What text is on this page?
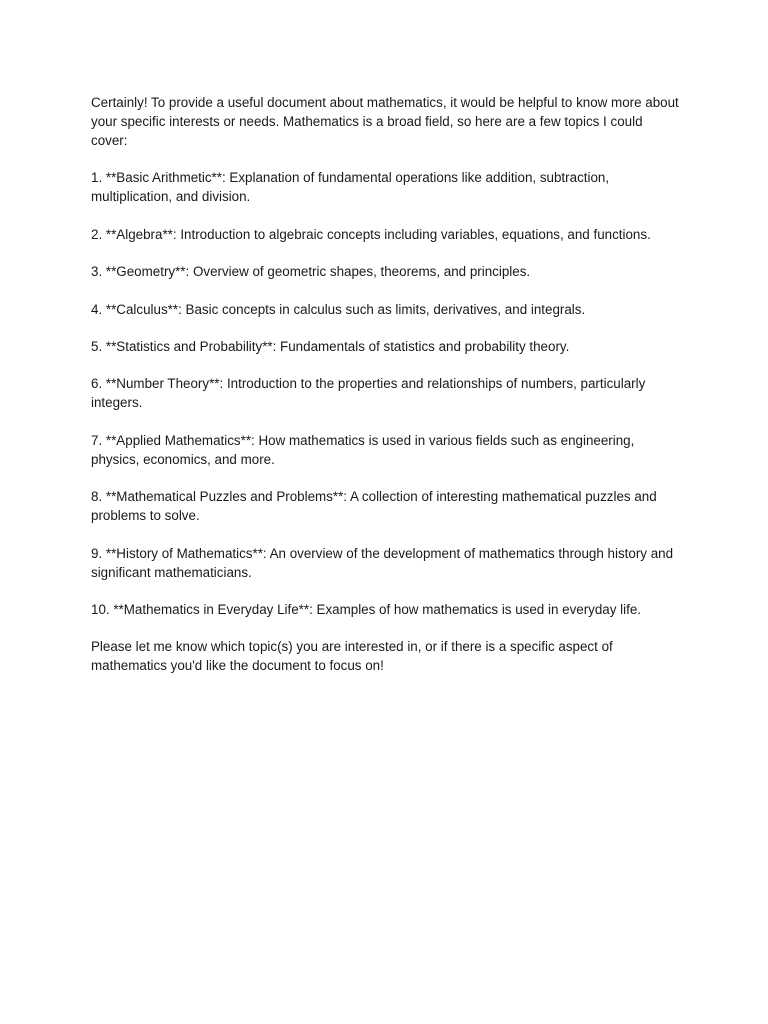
Certainly! To provide a useful document about mathematics, it would be helpful to know more about your specific interests or needs. Mathematics is a broad field, so here are a few topics I could cover:

1. **Basic Arithmetic**: Explanation of fundamental operations like addition, subtraction, multiplication, and division.

2. **Algebra**: Introduction to algebraic concepts including variables, equations, and functions.

3. **Geometry**: Overview of geometric shapes, theorems, and principles.

4. **Calculus**: Basic concepts in calculus such as limits, derivatives, and integrals.

5. **Statistics and Probability**: Fundamentals of statistics and probability theory.

6. **Number Theory**: Introduction to the properties and relationships of numbers, particularly integers.

7. **Applied Mathematics**: How mathematics is used in various fields such as engineering, physics, economics, and more.

8. **Mathematical Puzzles and Problems**: A collection of interesting mathematical puzzles and problems to solve.

9. **History of Mathematics**: An overview of the development of mathematics through history and significant mathematicians.

10. **Mathematics in Everyday Life**: Examples of how mathematics is used in everyday life.

Please let me know which topic(s) you are interested in, or if there is a specific aspect of mathematics you'd like the document to focus on!
